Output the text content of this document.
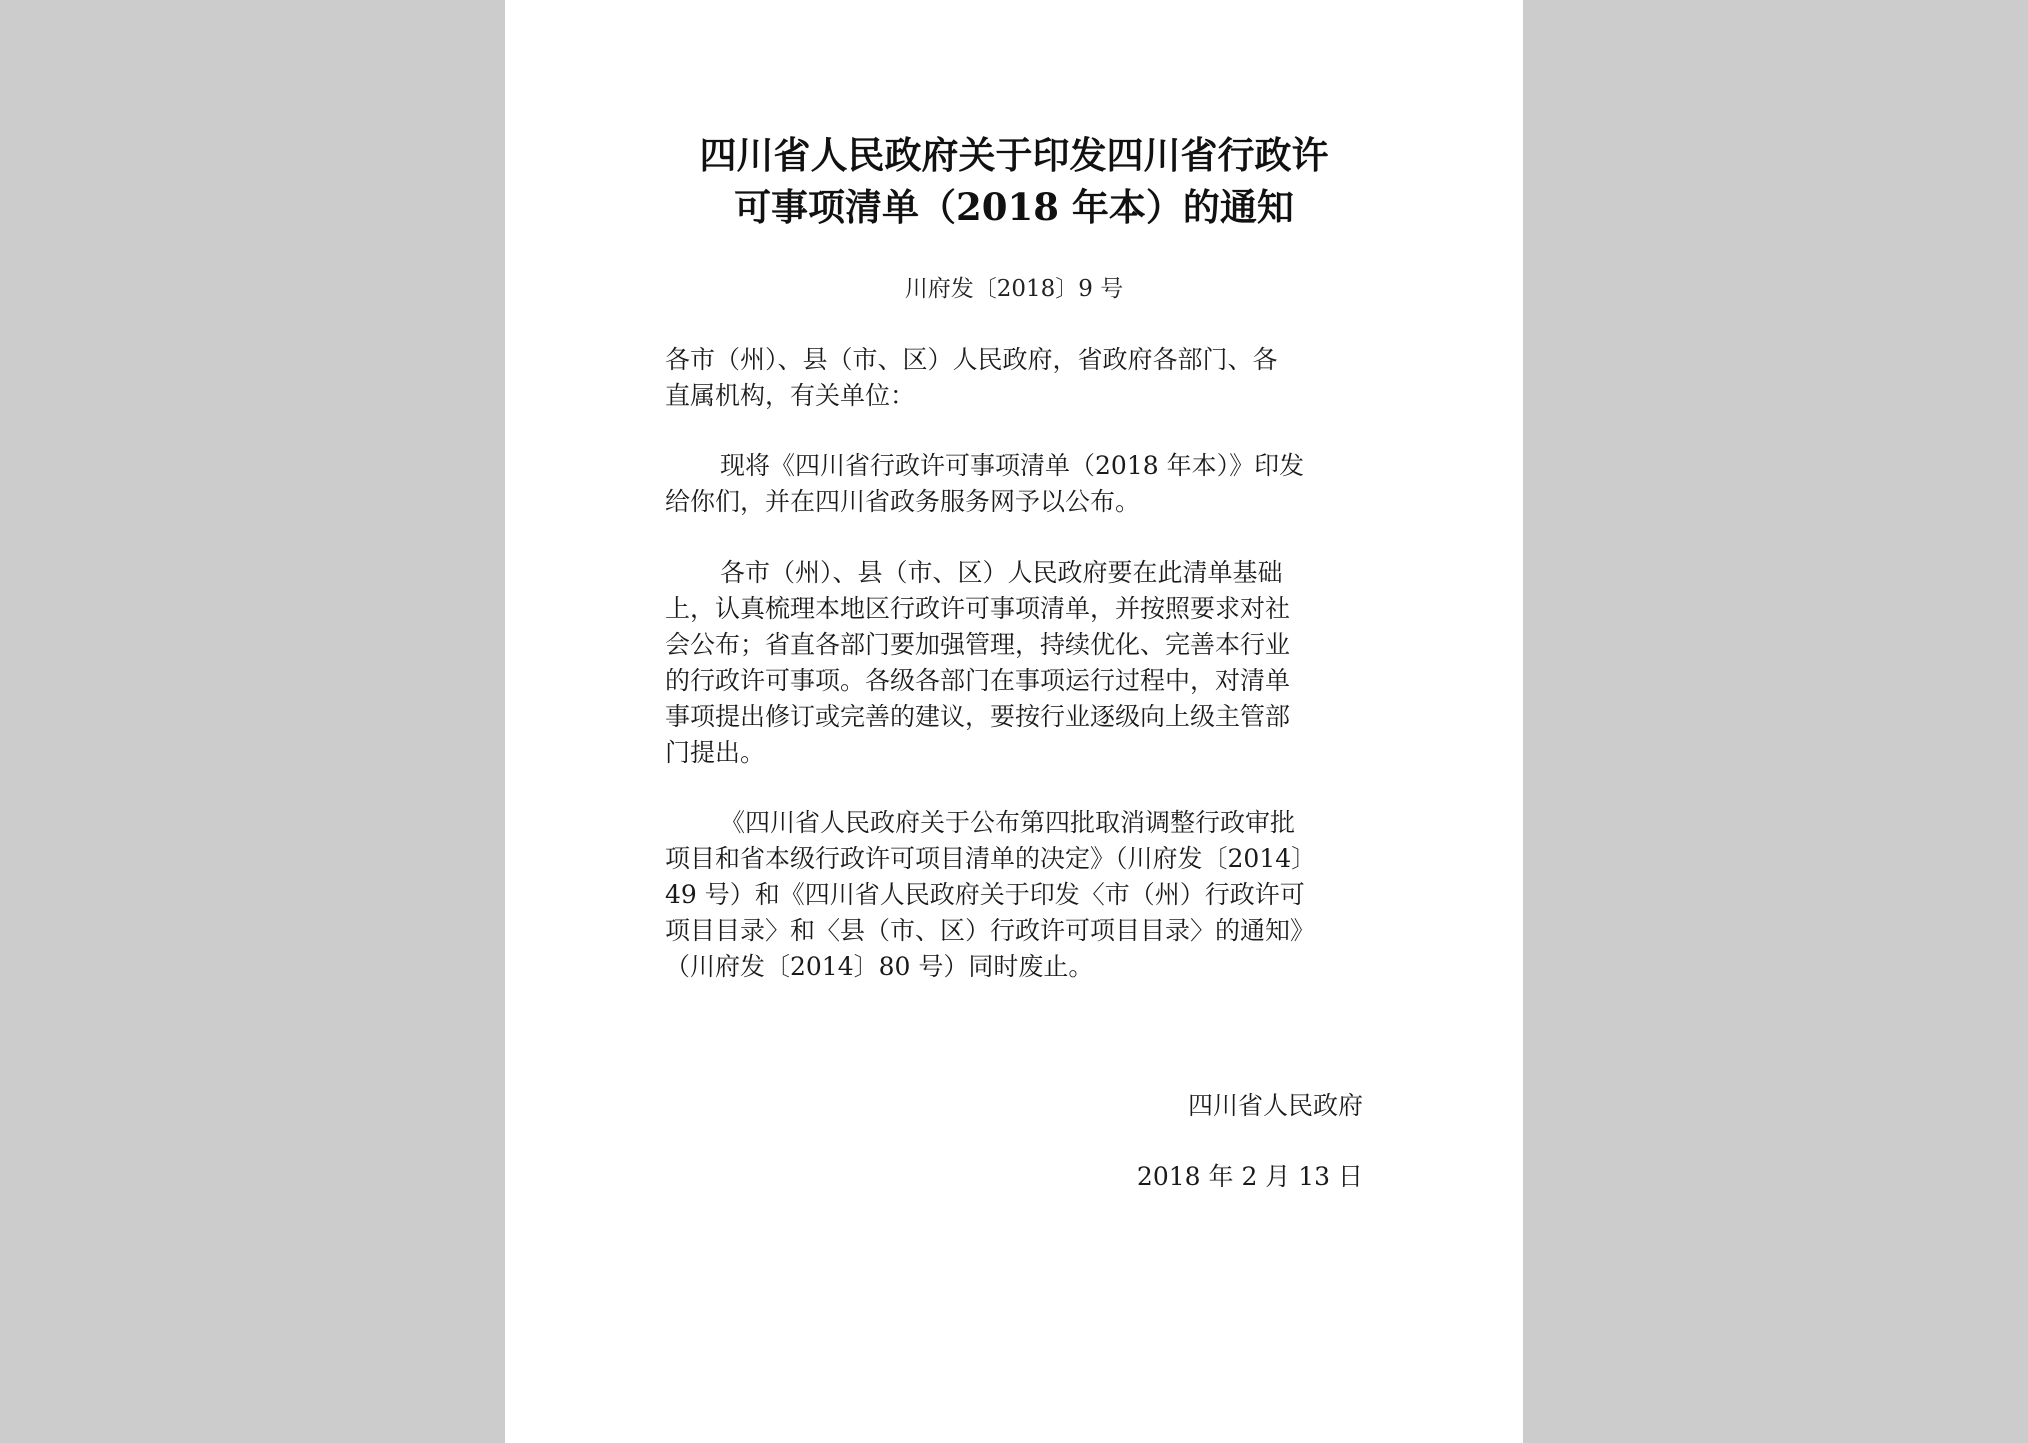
四川省人民政府关于印发四川省行政许
可事项清单（2018 年本）的通知
川府发〔2018〕9 号
各市（州）、县（市、区）人民政府，省政府各部门、各
直属机构，有关单位：
现将《四川省行政许可事项清单（2018 年本）》印发
给你们，并在四川省政务服务网予以公布。
各市（州）、县（市、区）人民政府要在此清单基础
上，认真梳理本地区行政许可事项清单，并按照要求对社
会公布；省直各部门要加强管理，持续优化、完善本行业
的行政许可事项。各级各部门在事项运行过程中，对清单
事项提出修订或完善的建议，要按行业逐级向上级主管部
门提出。
《四川省人民政府关于公布第四批取消调整行政审批
项目和省本级行政许可项目清单的决定》（川府发〔2014〕
49 号）和《四川省人民政府关于印发〈市（州）行政许可
项目目录〉和〈县（市、区）行政许可项目目录〉的通知》
（川府发〔2014〕80 号）同时废止。
四川省人民政府
2018 年 2 月 13 日
